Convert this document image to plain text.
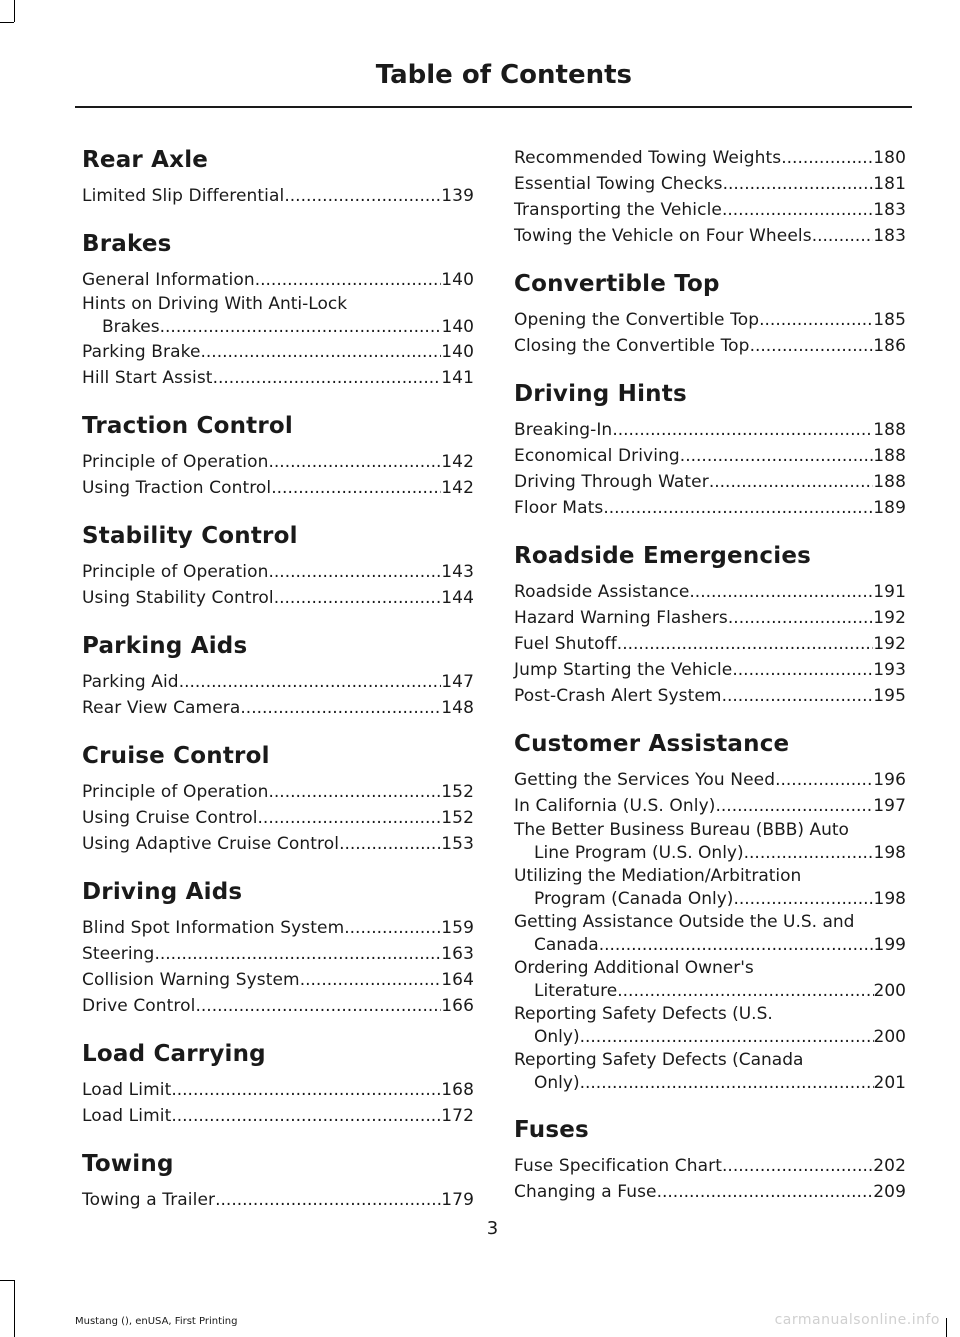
Table of Contents
Rear Axle
Limited Slip Differential .....	139
Brakes
General Information .....	140
Hints on Driving With Anti-Lock
Brakes .....	140
Parking Brake .....	140
Hill Start Assist .....	141
Traction Control
Principle of Operation .....	142
Using Traction Control .....	142
Stability Control
Principle of Operation .....	143
Using Stability Control .....	144
Parking Aids
Parking Aid .....	147
Rear View Camera .....	148
Cruise Control
Principle of Operation .....	152
Using Cruise Control .....	152
Using Adaptive Cruise Control .....	153
Driving Aids
Blind Spot Information System .....	159
Steering .....	163
Collision Warning System .....	164
Drive Control .....	166
Load Carrying
Load Limit .....	168
Load Limit .....	172
Towing
Towing a Trailer .....	179
Recommended Towing Weights .....	180
Essential Towing Checks .....	181
Transporting the Vehicle .....	183
Towing the Vehicle on Four Wheels .....	183
Convertible Top
Opening the Convertible Top .....	185
Closing the Convertible Top .....	186
Driving Hints
Breaking-In .....	188
Economical Driving .....	188
Driving Through Water .....	188
Floor Mats .....	189
Roadside Emergencies
Roadside Assistance .....	191
Hazard Warning Flashers .....	192
Fuel Shutoff .....	192
Jump Starting the Vehicle .....	193
Post-Crash Alert System .....	195
Customer Assistance
Getting the Services You Need .....	196
In California (U.S. Only) .....	197
The Better Business Bureau (BBB) Auto
Line Program (U.S. Only) .....	198
Utilizing the Mediation/Arbitration
Program (Canada Only) .....	198
Getting Assistance Outside the U.S. and
Canada .....	199
Ordering Additional Owner's
Literature .....	200
Reporting Safety Defects (U.S.
Only) .....	200
Reporting Safety Defects (Canada
Only) .....	201
Fuses
Fuse Specification Chart .....	202
Changing a Fuse .....	209
3
Mustang (), enUSA, First Printing	carmanualsonline.info
